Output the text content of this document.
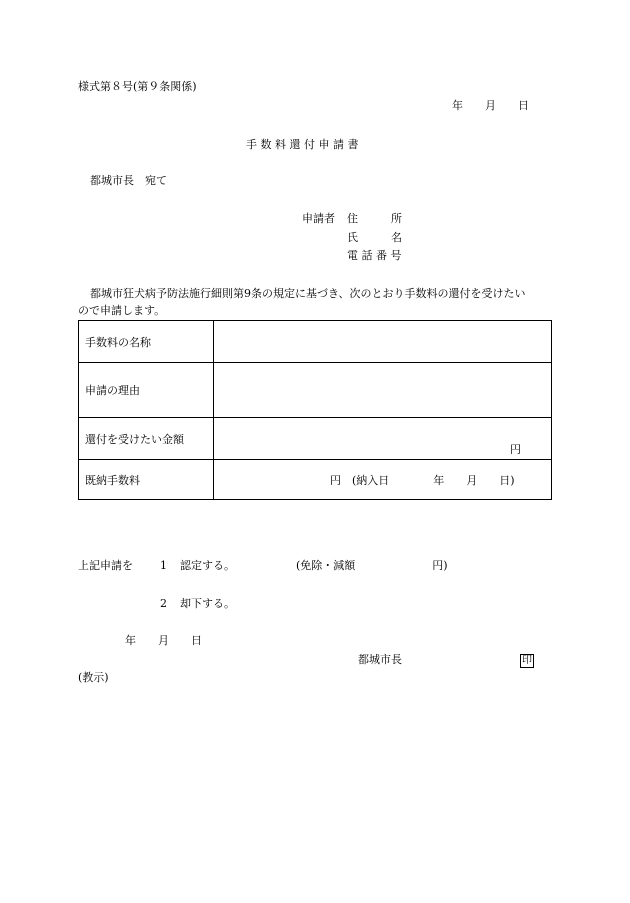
様式第８号(第９条関係)
年　　月　　日
手 数 料 還 付 申 請 書
都城市長　宛て
申請者 住　　　所
氏　　　名
電 話 番 号
都城市狂犬病予防法施行細則第9条の規定に基づき、次のとおり手数料の還付を受けたい
ので申請します。
手数料の名称	
申請の理由	
還付を受けたい金額	円

既納手数料	円　(納入日　　　　年　　月　　日)
上記申請を 1 認定する。	(免除・減額　　　　　　　円)
2 却下する。
年　　月　　日
都城市長	印
(教示)
